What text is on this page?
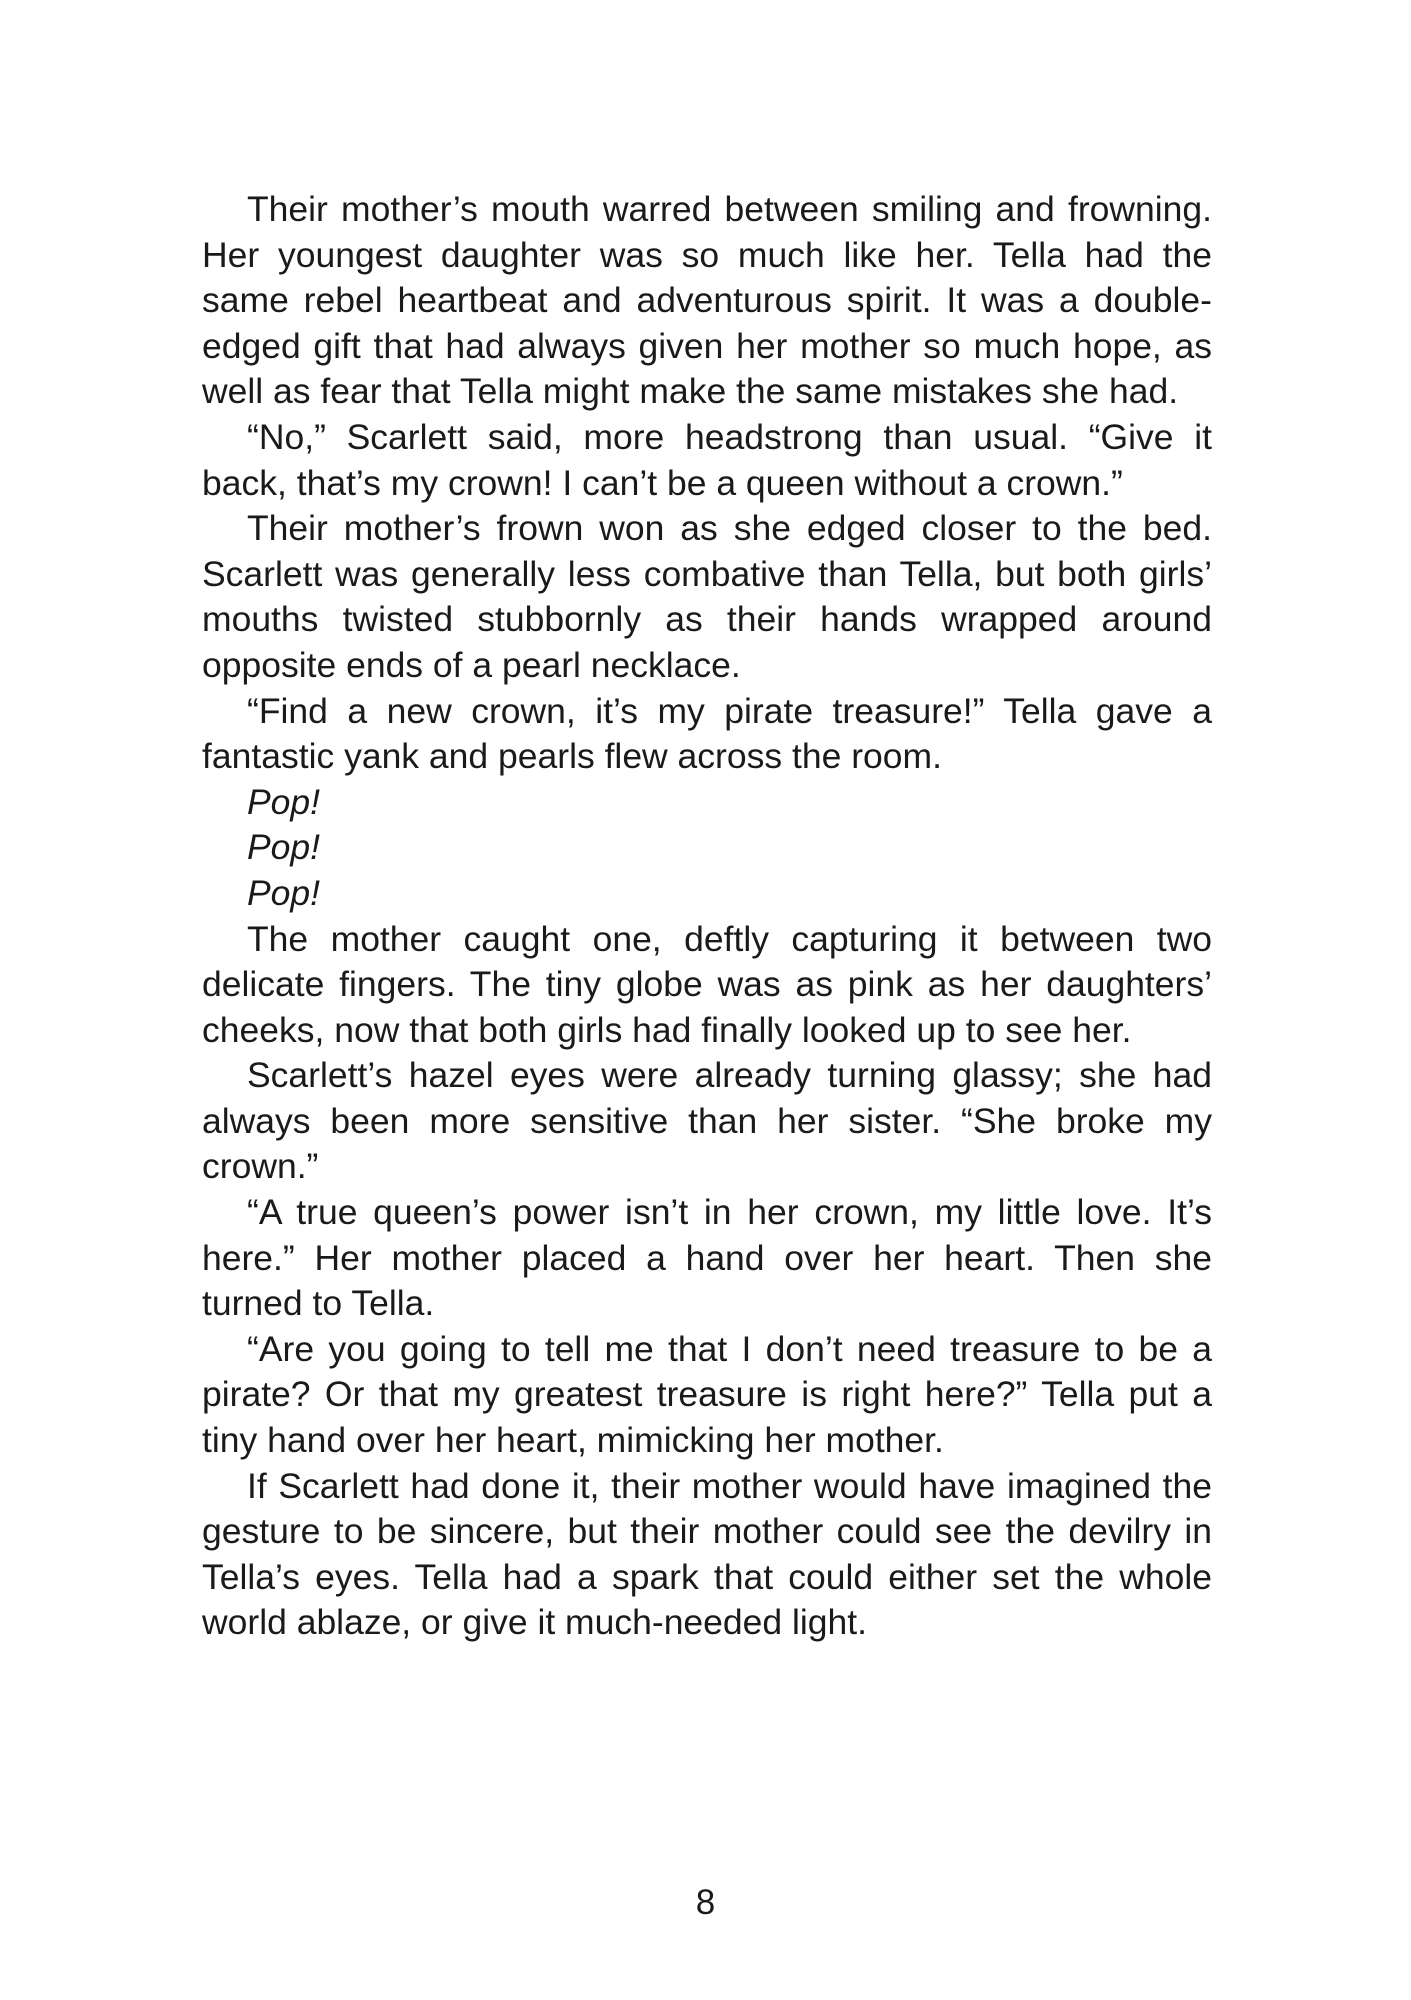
Their mother’s mouth warred between smiling and frowning. Her youngest daughter was so much like her. Tella had the same rebel heartbeat and adventurous spirit. It was a double-edged gift that had always given her mother so much hope, as well as fear that Tella might make the same mistakes she had.

“No,” Scarlett said, more headstrong than usual. “Give it back, that’s my crown! I can’t be a queen without a crown.”

Their mother’s frown won as she edged closer to the bed. Scarlett was generally less combative than Tella, but both girls’ mouths twisted stubbornly as their hands wrapped around opposite ends of a pearl necklace.

“Find a new crown, it’s my pirate treasure!” Tella gave a fantastic yank and pearls flew across the room.

Pop!

Pop!

Pop!

The mother caught one, deftly capturing it between two delicate fingers. The tiny globe was as pink as her daughters’ cheeks, now that both girls had finally looked up to see her.

Scarlett’s hazel eyes were already turning glassy; she had always been more sensitive than her sister. “She broke my crown.”

“A true queen’s power isn’t in her crown, my little love. It’s here.” Her mother placed a hand over her heart. Then she turned to Tella.

“Are you going to tell me that I don’t need treasure to be a pirate? Or that my greatest treasure is right here?” Tella put a tiny hand over her heart, mimicking her mother.

If Scarlett had done it, their mother would have imagined the gesture to be sincere, but their mother could see the devilry in Tella’s eyes. Tella had a spark that could either set the whole world ablaze, or give it much-needed light.

8
